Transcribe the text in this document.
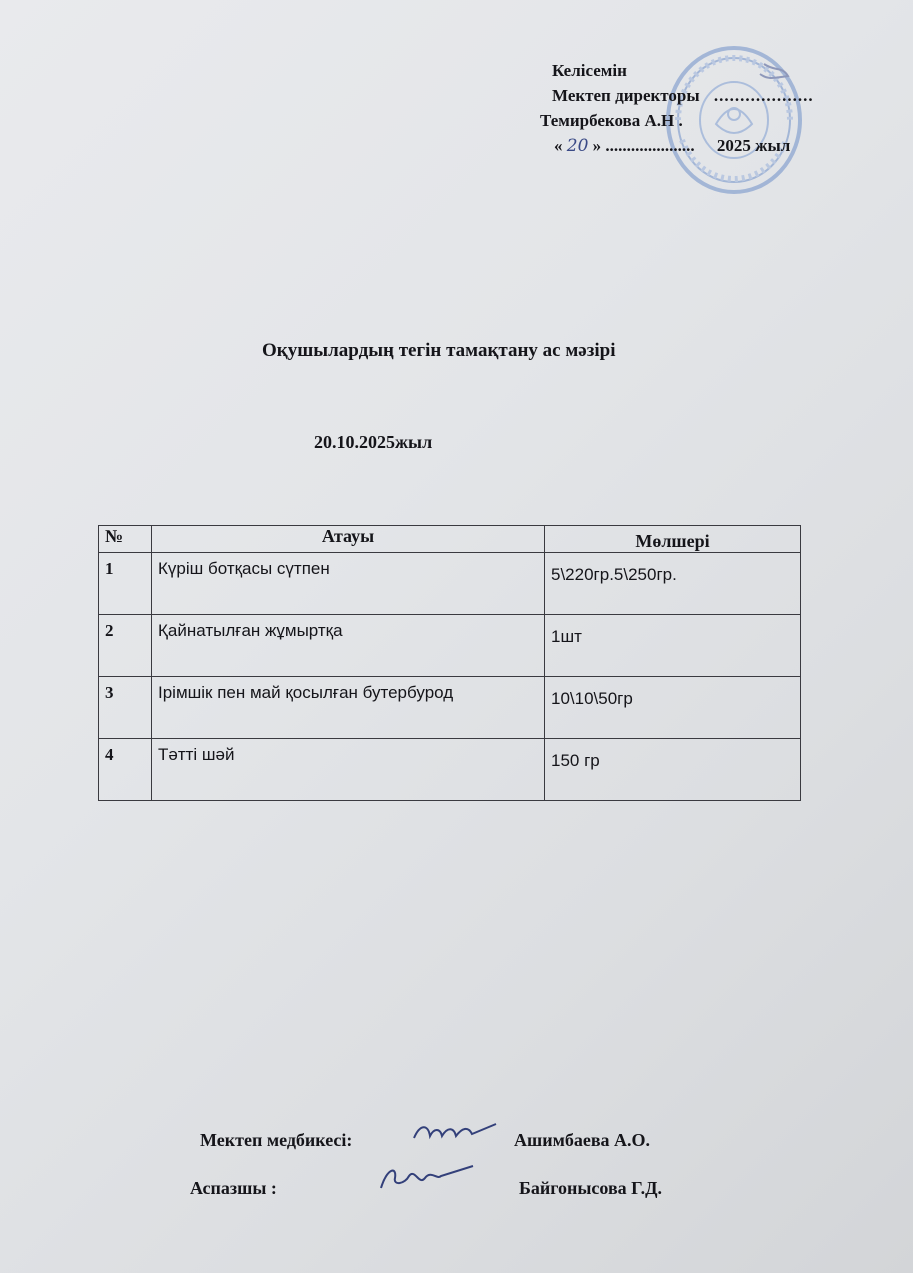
Келісемін
Мектеп директоры ...................
Темирбекова А.Н .
« 20 » ..................... 2025 жыл
Оқушылардың тегін тамақтану ас мәзірі
20.10.2025жыл
№	Атауы	Мөлшері
1	Күріш ботқасы сүтпен	5\220гр.5\250гр.
2	Қайнатылған жұмыртқа	1шт
3	Ірімшік пен май қосылған бутербурод	10\10\50гр
4	Тәтті шәй	150 гр
Мектеп медбикесі:	Ашимбаева А.О.
Аспазшы :	Байгонысова Г.Д.
